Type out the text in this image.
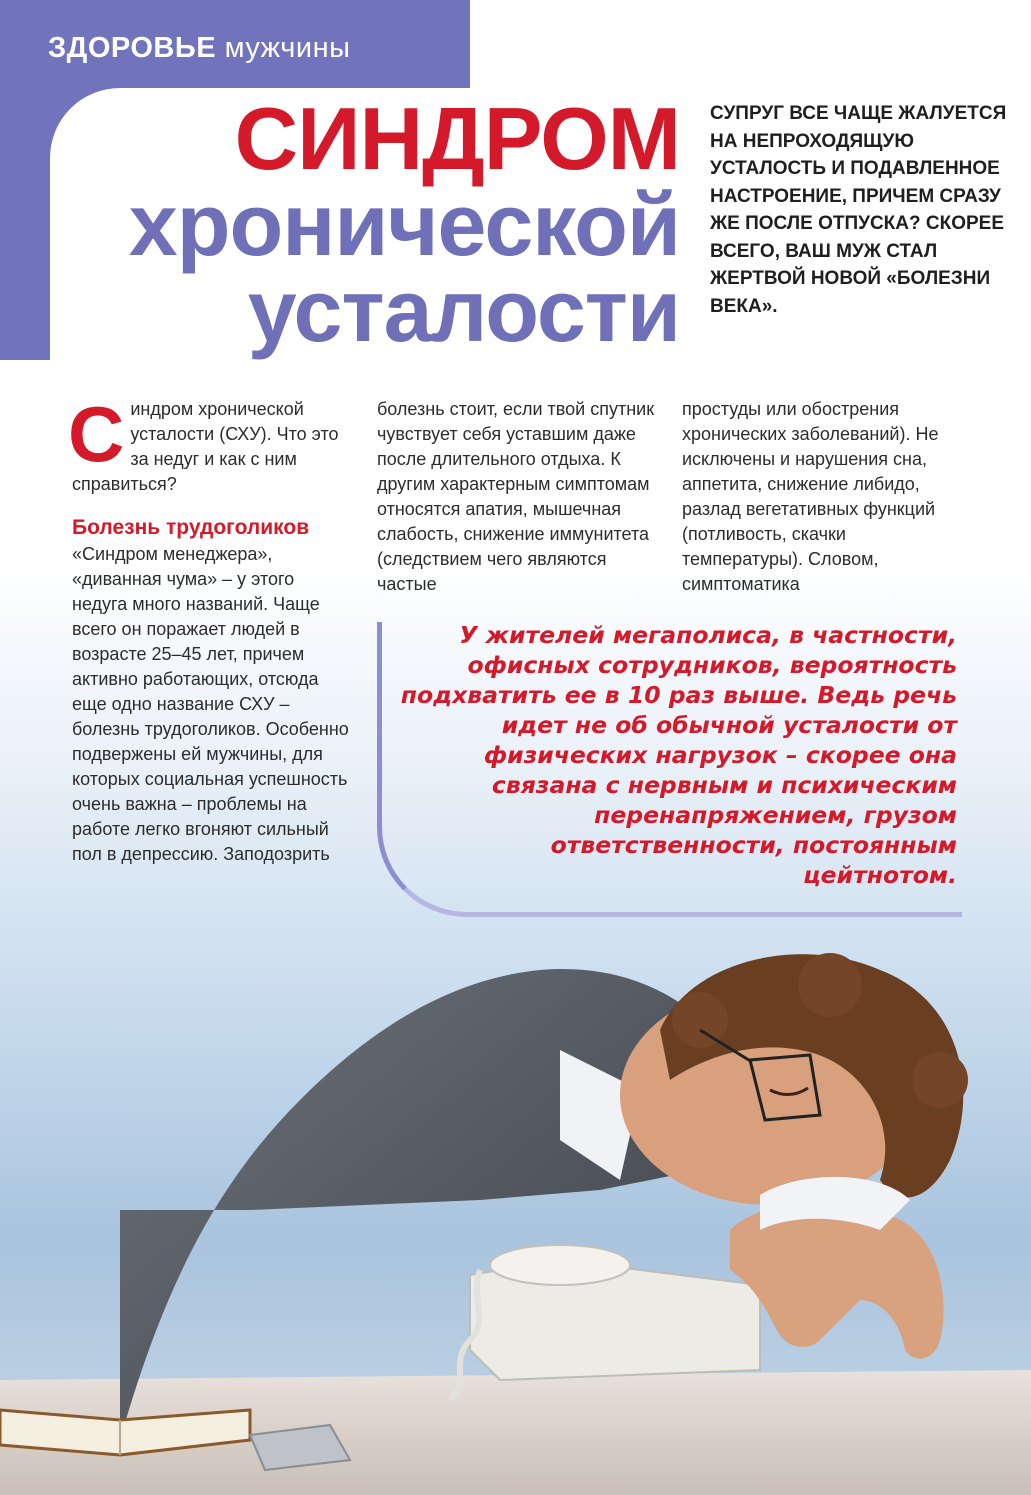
ЗДОРОВЬЕ мужчины
СИНДРОМ
хронической
усталости
СУПРУГ ВСЕ ЧАЩЕ ЖАЛУЕТСЯ НА НЕПРОХОДЯЩУЮ УСТАЛОСТЬ И ПОДАВЛЕННОЕ НАСТРОЕНИЕ, ПРИЧЕМ СРАЗУ ЖЕ ПОСЛЕ ОТПУСКА? СКОРЕЕ ВСЕГО, ВАШ МУЖ СТАЛ ЖЕРТВОЙ НОВОЙ «БОЛЕЗНИ ВЕКА».
Синдром хронической усталости (СХУ). Что это за недуг и как с ним справиться?
Болезнь трудоголиков
«Синдром менеджера», «диванная чума» – у этого недуга много названий. Чаще всего он поражает людей в возрасте 25–45 лет, причем активно работающих, отсюда еще одно название СХУ – болезнь трудоголиков. Особенно подвержены ей мужчины, для которых социальная успешность очень важна – проблемы на работе легко вгоняют сильный пол в депрессию. Заподозрить
болезнь стоит, если твой спутник чувствует себя уставшим даже после длительного отдыха. К другим характерным симптомам относятся апатия, мышечная слабость, снижение иммунитета (следствием чего являются частые
простуды или обострения хронических заболеваний). Не исключены и нарушения сна, аппетита, снижение либидо, разлад вегетативных функций (потливость, скачки температуры). Словом, симптоматика
У жителей мегаполиса, в частности, офисных сотрудников, вероятность подхватить ее в 10 раз выше. Ведь речь идет не об обычной усталости от физических нагрузок – скорее она связана с нервным и психическим перенапряжением, грузом ответственности, постоянным цейтнотом.
